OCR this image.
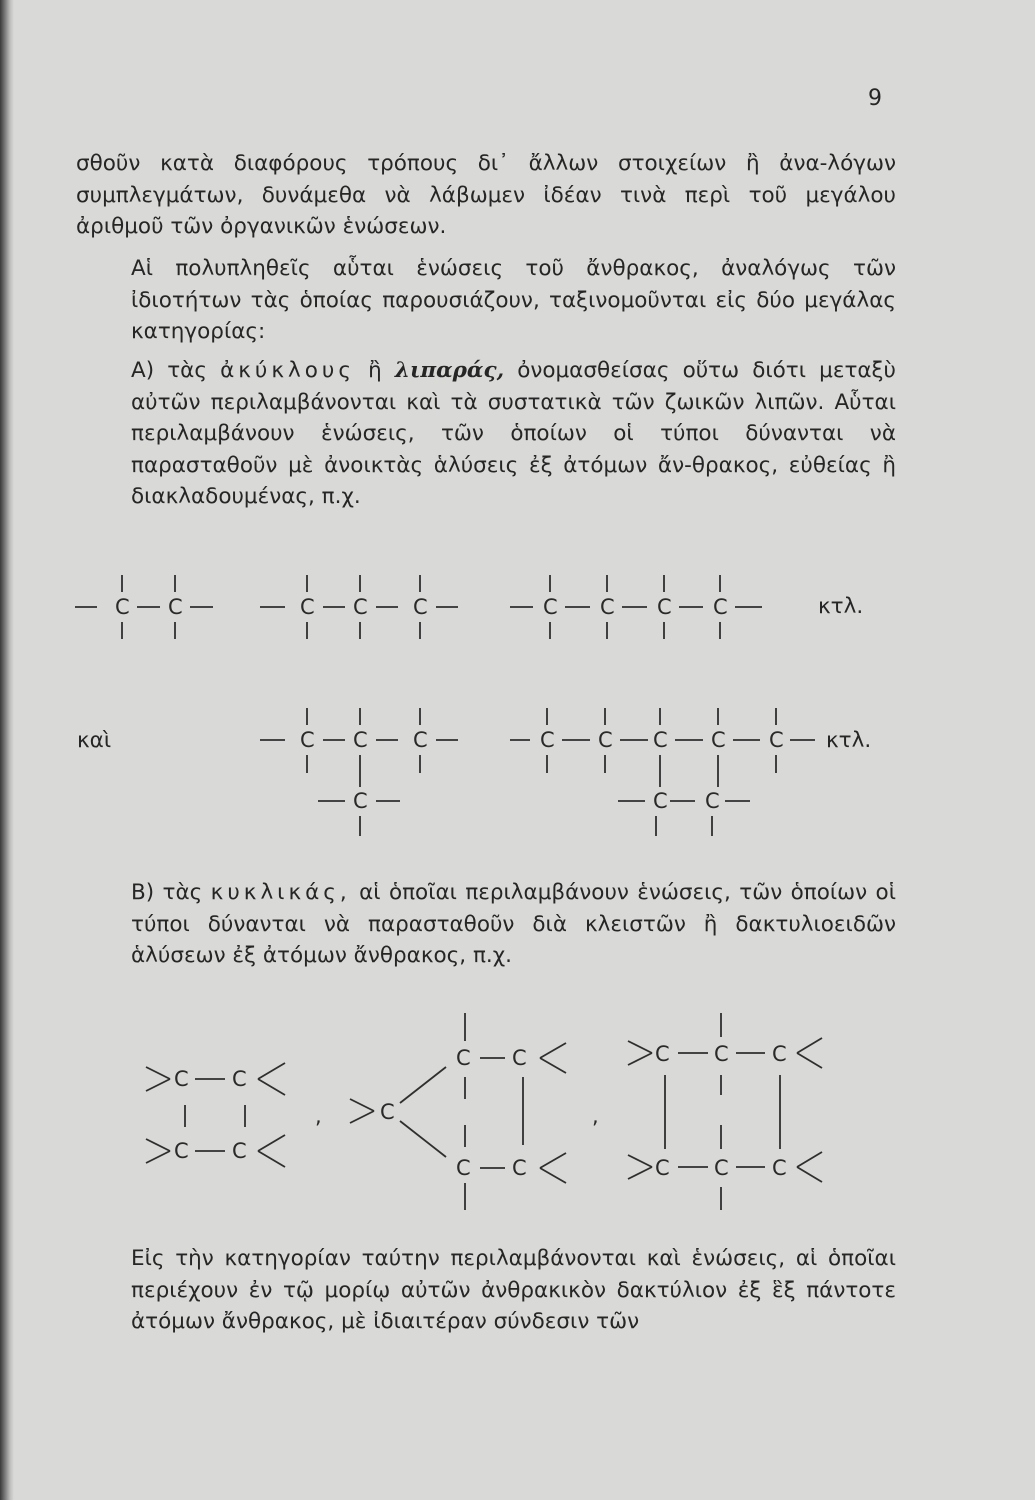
9

σθοῦν κατὰ διαφόρους τρόπους δι᾽ ἄλλων στοιχείων ἢ ἀνα-λόγων συμπλεγμάτων, δυνάμεθα νὰ λάβωμεν ἰδέαν τινὰ περὶ τοῦ μεγάλου ἀριθμοῦ τῶν ὀργανικῶν ἑνώσεων.

Αἱ πολυπληθεῖς αὗται ἑνώσεις τοῦ ἄνθρακος, ἀναλόγως τῶν ἰδιοτήτων τὰς ὁποίας παρουσιάζουν, ταξινομοῦνται εἰς δύο μεγάλας κατηγορίας:

Α) τὰς ἀκύκλους ἢ λιπαράς, ὀνομασθείσας οὕτω διότι μεταξὺ αὐτῶν περιλαμβάνονται καὶ τὰ συστατικὰ τῶν ζωικῶν λιπῶν. Αὗται περιλαμβάνουν ἑνώσεις, τῶν ὁποίων οἱ τύποι δύνανται νὰ παρασταθοῦν μὲ ἀνοικτὰς ἁλύσεις ἐξ ἀτόμων ἄν-θρακος, εὐθείας ἢ διακλαδουμένας, π.χ.

C C	C C C	C C C C	κτλ.
καὶ	C C C
C
C C C C C
C C
κτλ.

Β) τὰς κυκλικάς, αἱ ὁποῖαι περιλαμβάνουν ἑνώσεις, τῶν ὁποίων οἱ τύποι δύνανται νὰ παρασταθοῦν διὰ κλειστῶν ἢ δακτυλιοειδῶν ἁλύσεων ἐξ ἀτόμων ἄνθρακος, π.χ.

C C
C C
,	C
C C
C C
,
C C C
C C C

Εἰς τὴν κατηγορίαν ταύτην περιλαμβάνονται καὶ ἑνώσεις, αἱ ὁποῖαι περιέχουν ἐν τῷ μορίῳ αὐτῶν ἀνθρακικὸν δακτύλιον ἐξ ἓξ πάντοτε ἀτόμων ἄνθρακος, μὲ ἰδιαιτέραν σύνδεσιν τῶν
